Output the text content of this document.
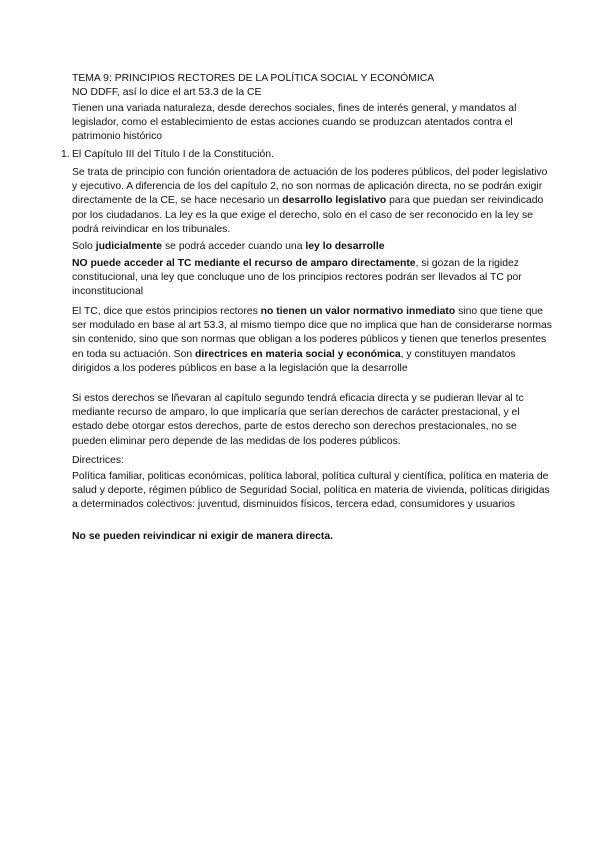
TEMA 9: PRINCIPIOS RECTORES DE LA POLÍTICA SOCIAL Y ECONÓMICA
NO DDFF, así lo dice el art 53.3 de la CE
Tienen una variada naturaleza, desde derechos sociales, fines de interés general, y mandatos al legislador, como el establecimiento de estas acciones cuando se produzcan atentados contra el patrimonio histórico
1. El Capítulo III del Título I de la Constitución.
Se trata de principio con función orientadora de actuación de los poderes públicos, del poder legislativo y ejecutivo. A diferencia de los del capítulo 2, no son normas de aplicación directa, no se podrán exigir directamente de la CE, se hace necesario un desarrollo legislativo para que puedan ser reivindicado por los ciudadanos. La ley es la que exige el derecho, solo en el caso de ser reconocido en la ley se podrá reivindicar en los tribunales.
Solo judicialmente se podrá acceder cuando una ley lo desarrolle
NO puede acceder al TC mediante el recurso de amparo directamente, si gozan de la rigidez constitucional, una ley que concluque uno de los principios rectores podrán ser llevados al TC por inconstitucional
El TC, dice que estos principios rectores no tienen un valor normativo inmediato sino que tiene que ser modulado en base al art 53.3, al mismo tiempo dice que no implica que han de considerarse normas sin contenido, sino que son normas que obligan a los poderes públicos y tienen que tenerlos presentes en toda su actuación. Son directrices en materia social y económica, y constituyen mandatos dirigidos a los poderes públicos en base a la legislación que la desarrolle
Si estos derechos se lñevaran al capítulo segundo tendrá eficacia directa y se pudieran llevar al tc mediante recurso de amparo, lo que implicaría que serían derechos de carácter prestacional, y el estado debe otorgar estos derechos, parte de estos derecho son derechos prestacionales, no se pueden eliminar pero depende de las medidas de los poderes públicos.
Directrices:
Política familiar, politicas económicas, política laboral, política cultural y científica, política en materia de salud y deporte, régimen público de Seguridad Social, política en materia de vivienda, políticas dirigidas a determinados colectivos: juventud, disminuidos físicos, tercera edad, consumidores y usuarios
No se pueden reivindicar ni exigir de manera directa.
